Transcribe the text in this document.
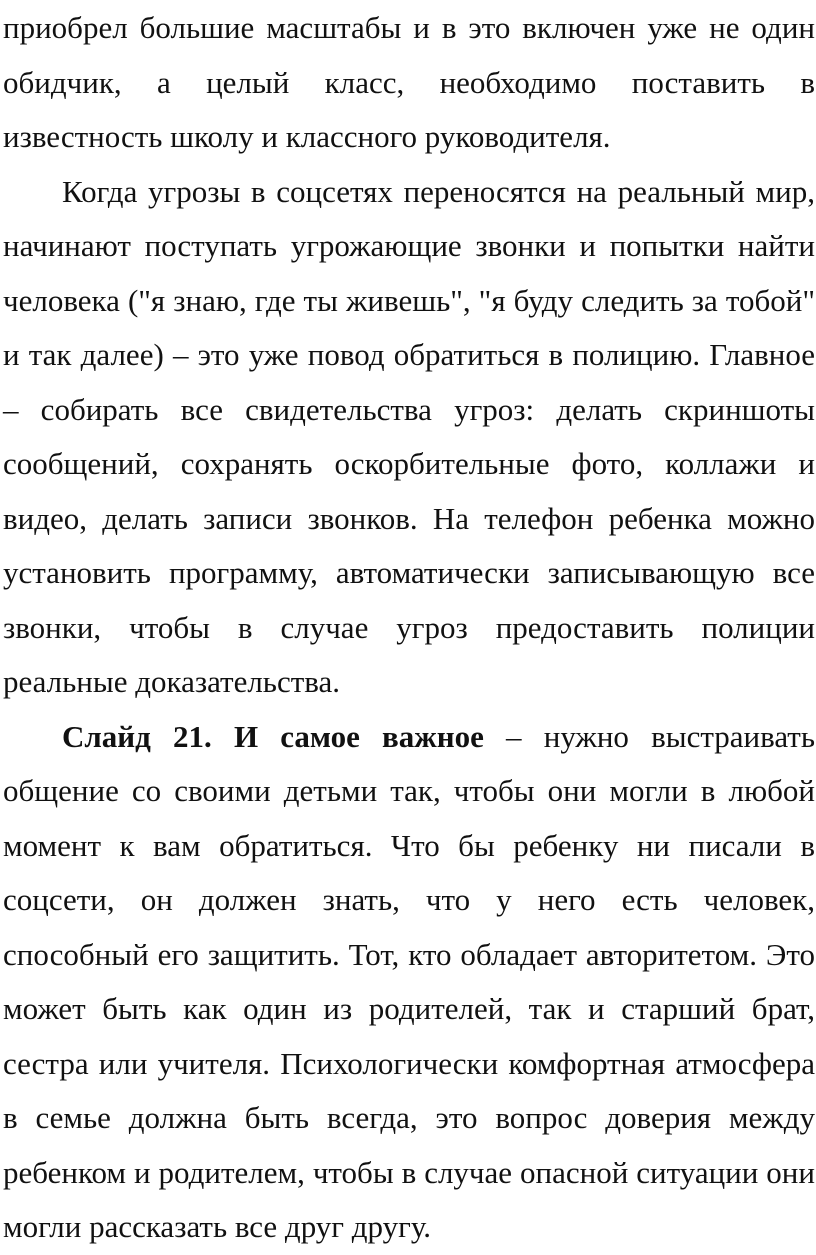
приобрел большие масштабы и в это включен уже не один обидчик, а целый класс, необходимо поставить в известность школу и классного руководителя.

Когда угрозы в соцсетях переносятся на реальный мир, начинают поступать угрожающие звонки и попытки найти человека ("я знаю, где ты живешь", "я буду следить за тобой" и так далее) – это уже повод обратиться в полицию. Главное – собирать все свидетельства угроз: делать скриншоты сообщений, сохранять оскорбительные фото, коллажи и видео, делать записи звонков. На телефон ребенка можно установить программу, автоматически записывающую все звонки, чтобы в случае угроз предоставить полиции реальные доказательства.

Слайд 21. И самое важное – нужно выстраивать общение со своими детьми так, чтобы они могли в любой момент к вам обратиться. Что бы ребенку ни писали в соцсети, он должен знать, что у него есть человек, способный его защитить. Тот, кто обладает авторитетом. Это может быть как один из родителей, так и старший брат, сестра или учителя. Психологически комфортная атмосфера в семье должна быть всегда, это вопрос доверия между ребенком и родителем, чтобы в случае опасной ситуации они могли рассказать все друг другу.
